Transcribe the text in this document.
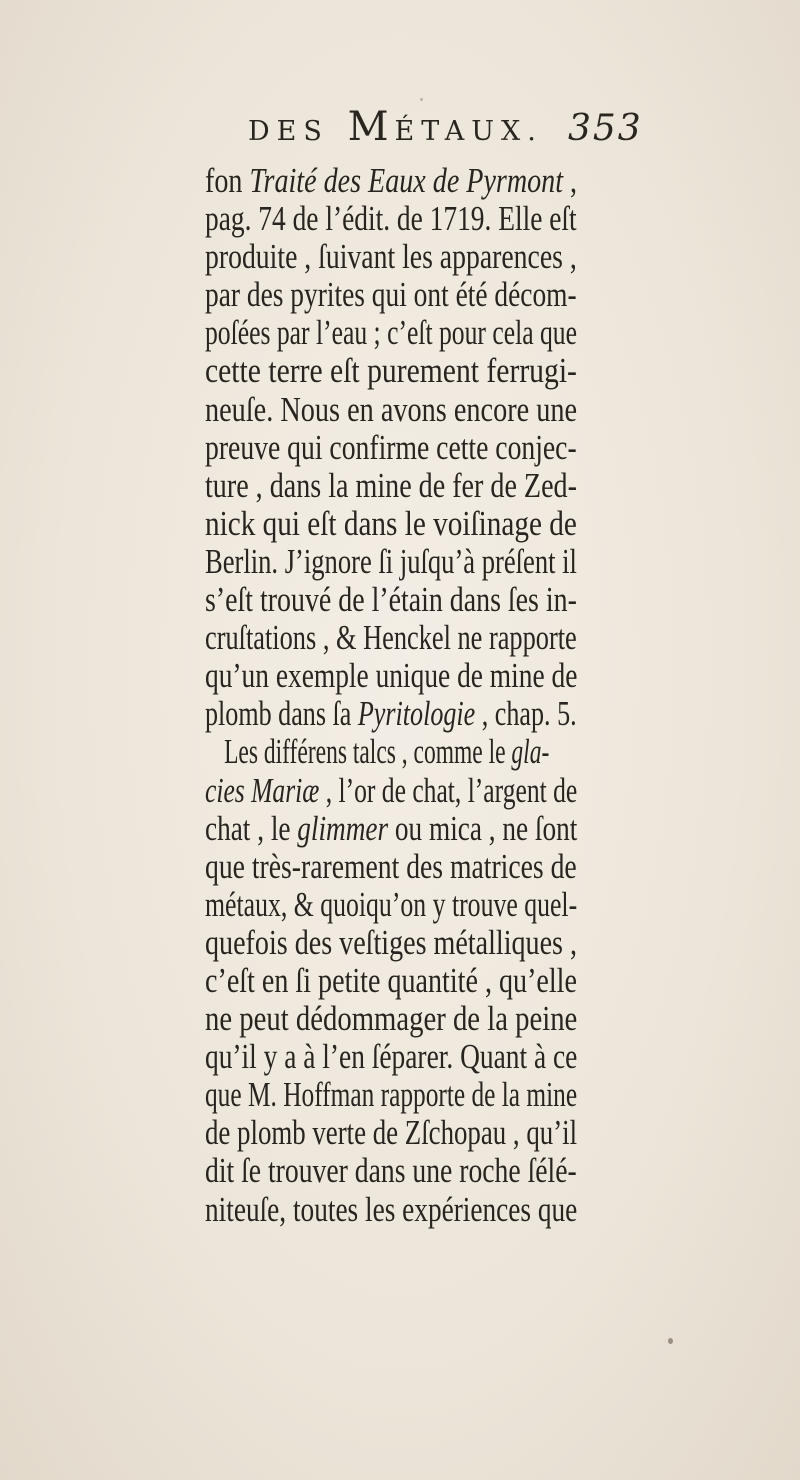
DES MÉTAUX. 353
fon Traité des Eaux de Pyrmont ,
pag. 74 de l’édit. de 1719. Elle eſt
produite , ſuivant les apparences ,
par des pyrites qui ont été décom-
poſées par l’eau ; c’eſt pour cela que
cette terre eſt purement ferrugi-
neuſe. Nous en avons encore une
preuve qui confirme cette conjec-
ture , dans la mine de fer de Zed-
nick qui eſt dans le voiſinage de
Berlin. J’ignore ſi juſqu’à préſent il
s’eſt trouvé de l’étain dans ſes in-
cruſtations , & Henckel ne rapporte
qu’un exemple unique de mine de
plomb dans ſa Pyritologie , chap. 5.
Les différens talcs , comme le gla-
cies Mariæ , l’or de chat, l’argent de
chat , le glimmer ou mica , ne ſont
que très-rarement des matrices de
métaux, & quoiqu’on y trouve quel-
quefois des veſtiges métalliques ,
c’eſt en ſi petite quantité , qu’elle
ne peut dédommager de la peine
qu’il y a à l’en ſéparer. Quant à ce
que M. Hoffman rapporte de la mine
de plomb verte de Zſchopau , qu’il
dit ſe trouver dans une roche ſélé-
niteuſe, toutes les expériences que
